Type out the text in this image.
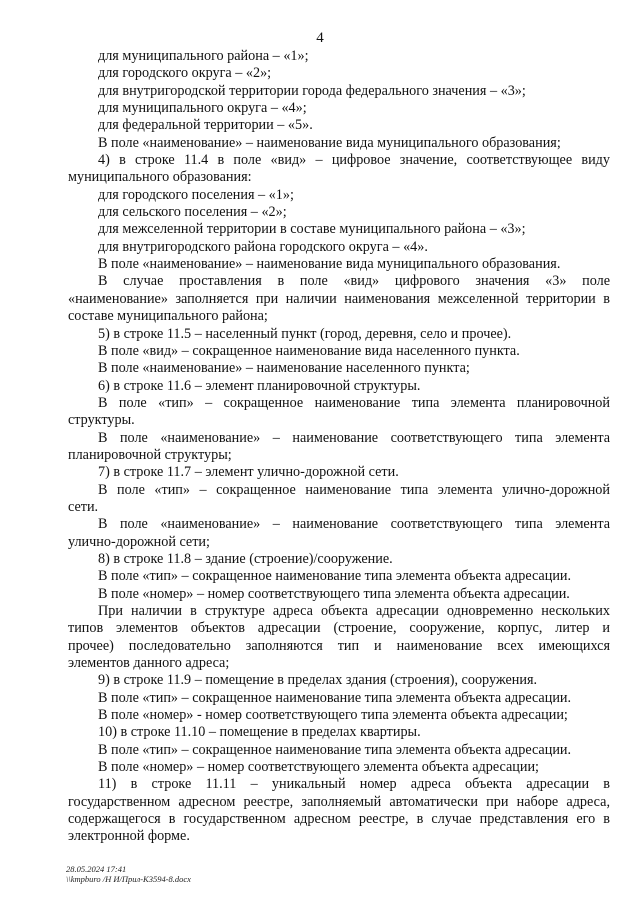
4
для муниципального района – «1»;
для городского округа – «2»;
для внутригородской территории города федерального значения – «3»;
для муниципального округа – «4»;
для федеральной территории – «5».
В поле «наименование» – наименование вида муниципального образования;
4) в строке 11.4 в поле «вид» – цифровое значение, соответствующее виду
муниципального образования:
для городского поселения – «1»;
для сельского поселения – «2»;
для межселенной территории в составе муниципального района – «3»;
для внутригородского района городского округа – «4».
В поле «наименование» – наименование вида муниципального образования.
В случае проставления в поле «вид» цифрового значения «3» поле
«наименование» заполняется при наличии наименования межселенной территории в
составе муниципального района;
5) в строке 11.5 – населенный пункт (город, деревня, село и прочее).
В поле «вид» – сокращенное наименование вида населенного пункта.
В поле «наименование» – наименование населенного пункта;
6) в строке 11.6 – элемент планировочной структуры.
В поле «тип» – сокращенное наименование типа элемента планировочной
структуры.
В поле «наименование» – наименование соответствующего типа элемента
планировочной структуры;
7) в строке 11.7 – элемент улично-дорожной сети.
В поле «тип» – сокращенное наименование типа элемента улично-дорожной
сети.
В поле «наименование» – наименование соответствующего типа элемента
улично-дорожной сети;
8) в строке 11.8 – здание (строение)/сооружение.
В поле «тип» – сокращенное наименование типа элемента объекта адресации.
В поле «номер» – номер соответствующего типа элемента объекта адресации.
При наличии в структуре адреса объекта адресации одновременно нескольких
типов элементов объектов адресации (строение, сооружение, корпус, литер и
прочее) последовательно заполняются тип и наименование всех имеющихся
элементов данного адреса;
9) в строке 11.9 – помещение в пределах здания (строения), сооружения.
В поле «тип» – сокращенное наименование типа элемента объекта адресации.
В поле «номер» - номер соответствующего типа элемента объекта адресации;
10) в строке 11.10 – помещение в пределах квартиры.
В поле «тип» – сокращенное наименование типа элемента объекта адресации.
В поле «номер» – номер соответствующего элемента объекта адресации;
11) в строке 11.11 – уникальный номер адреса объекта адресации в
государственном адресном реестре, заполняемый автоматически при наборе адреса,
содержащегося в государственном адресном реестре, в случае представления его в
электронной форме.
28.05.2024 17:41
\\kmpburo /Н И/Прил-К3594-8.docx
